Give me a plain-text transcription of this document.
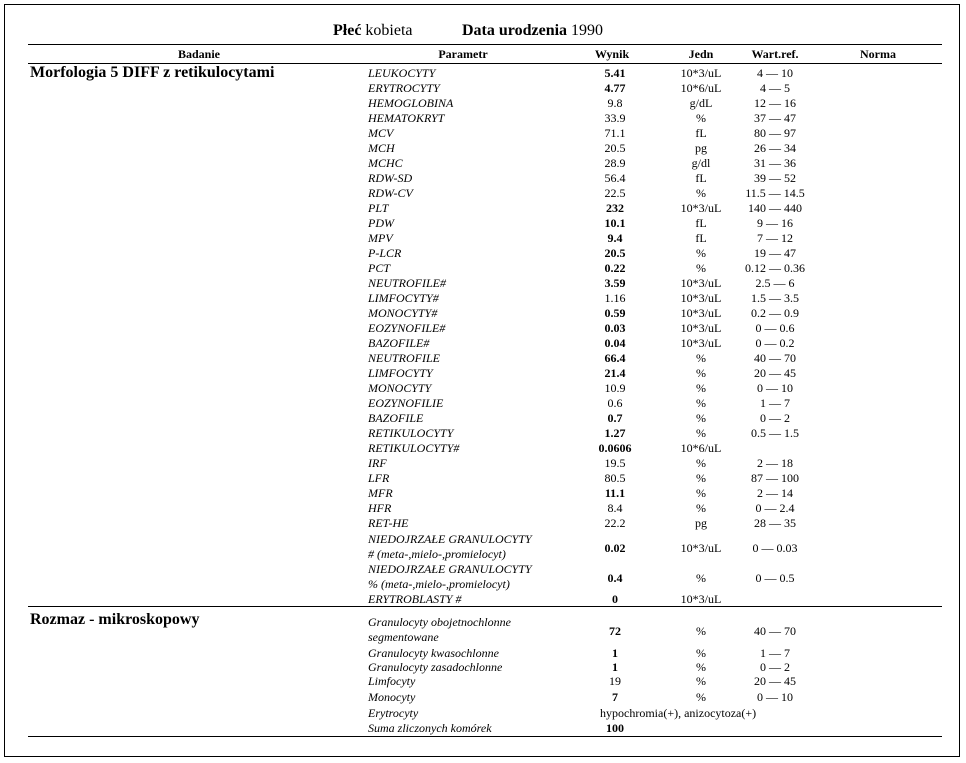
Płeć kobieta	Data urodzenia 1990
Badanie	Parametr	Wynik	Jedn	Wart.ref.	Norma
Morfologia 5 DIFF z retikulocytami	LEUKOCYTY	5.41	10*3/uL	4 — 10
ERYTROCYTY	4.77	10*6/uL	4 — 5
HEMOGLOBINA	9.8	g/dL	12 — 16
HEMATOKRYT	33.9	%	37 — 47
MCV	71.1	fL	80 — 97
MCH	20.5	pg	26 — 34
MCHC	28.9	g/dl	31 — 36
RDW-SD	56.4	fL	39 — 52
RDW-CV	22.5	%	11.5 — 14.5
PLT	232	10*3/uL 140 — 440
PDW	10.1	fL	9 — 16
MPV	9.4	fL	7 — 12
P-LCR	20.5	%	19 — 47
PCT	0.22	%	0.12 — 0.36
NEUTROFILE#	3.59	10*3/uL	2.5 — 6
LIMFOCYTY#	1.16	10*3/uL 1.5 — 3.5
MONOCYTY#	0.59	10*3/uL 0.2 — 0.9
EOZYNOFILE#	0.03	10*3/uL	0 — 0.6
BAZOFILE#	0.04	10*3/uL	0 — 0.2
NEUTROFILE	66.4	%	40 — 70
LIMFOCYTY	21.4	%	20 — 45
MONOCYTY	10.9	%	0 — 10
EOZYNOFILIE	0.6	%	1 — 7
BAZOFILE	0.7	%	0 — 2
RETIKULOCYTY	1.27	%	0.5 — 1.5
RETIKULOCYTY#	0.0606	10*6/uL
IRF	19.5	%	2 — 18
LFR	80.5	%	87 — 100
MFR	11.1	%	2 — 14
HFR	8.4	%	0 — 2.4
RET-HE	22.2	pg	28 — 35
NIEDOJRZAŁE GRANULOCYTY
# (meta-,mielo-,promielocyt)	0.02	10*3/uL	0 — 0.03
NIEDOJRZAŁE GRANULOCYTY
% (meta-,mielo-,promielocyt)	0.4	%	0 — 0.5
ERYTROBLASTY #	0	10*3/uL
Rozmaz - mikroskopowy	Granulocyty obojetnochlonne
segmentowane	72	%	40 — 70
Granulocyty kwasochlonne	1	%	1 — 7
Granulocyty zasadochlonne	1	%	0 — 2
Limfocyty	19	%	20 — 45
Monocyty	7	%	0 — 10
Erytrocyty	hypochromia(+), anizocytoza(+)
Suma zliczonych komórek	100
